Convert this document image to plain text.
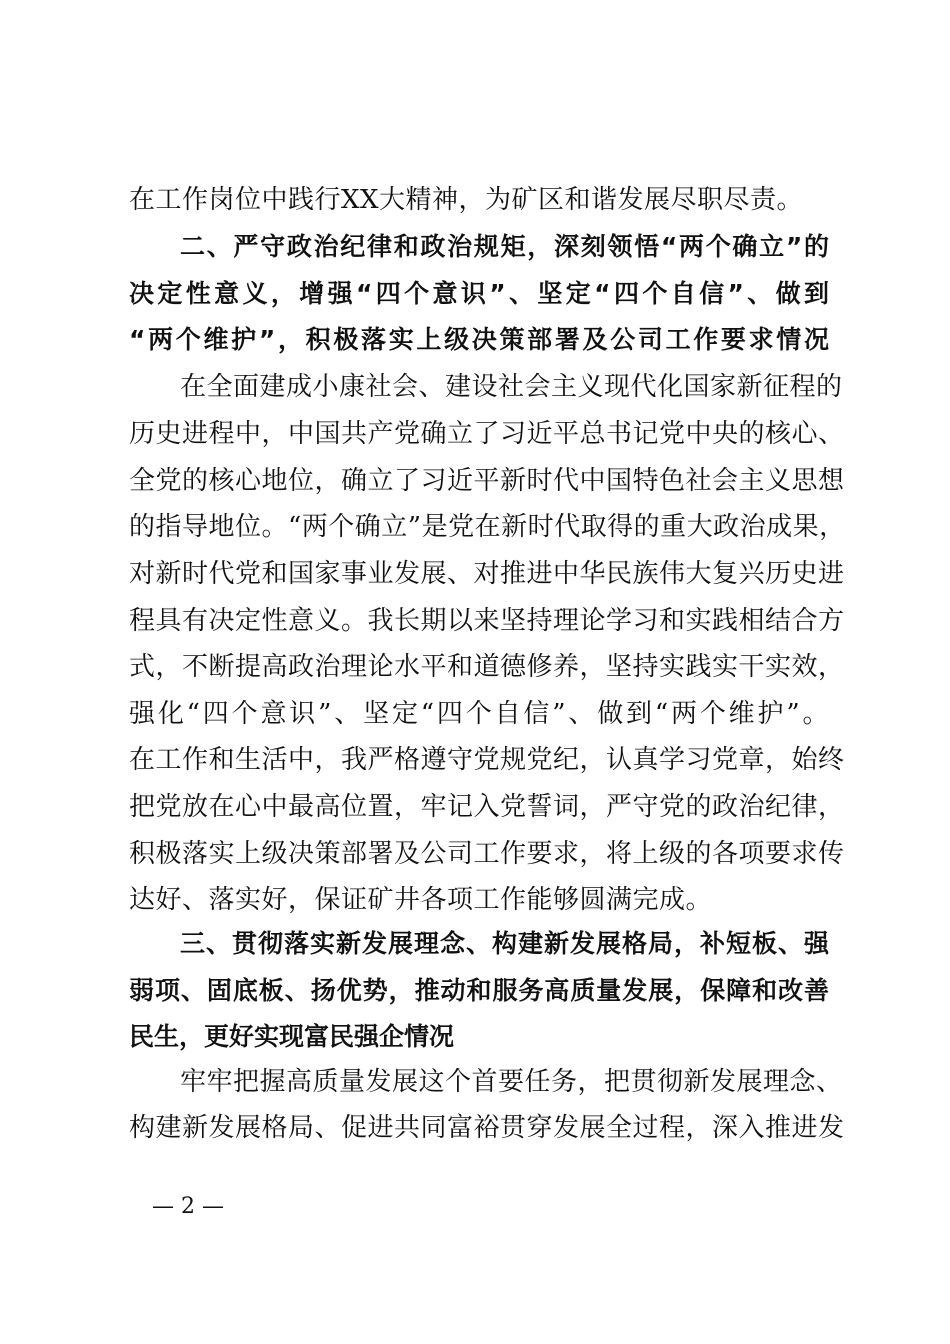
在工作岗位中践行XX大精神，为矿区和谐发展尽职尽责。
二、严守政治纪律和政治规矩，深刻领悟“两个确立”的
决定性意义，增强“四个意识”、坚定“四个自信”、做到
“两个维护”，积极落实上级决策部署及公司工作要求情况
在全面建成小康社会、建设社会主义现代化国家新征程的
历史进程中，中国共产党确立了习近平总书记党中央的核心、
全党的核心地位，确立了习近平新时代中国特色社会主义思想
的指导地位。“两个确立”是党在新时代取得的重大政治成果，
对新时代党和国家事业发展、对推进中华民族伟大复兴历史进
程具有决定性意义。我长期以来坚持理论学习和实践相结合方
式，不断提高政治理论水平和道德修养，坚持实践实干实效，
强化“四个意识”、坚定“四个自信”、做到“两个维护”。
在工作和生活中，我严格遵守党规党纪，认真学习党章，始终
把党放在心中最高位置，牢记入党誓词，严守党的政治纪律，
积极落实上级决策部署及公司工作要求，将上级的各项要求传
达好、落实好，保证矿井各项工作能够圆满完成。
三、贯彻落实新发展理念、构建新发展格局，补短板、强
弱项、固底板、扬优势，推动和服务高质量发展，保障和改善
民生，更好实现富民强企情况
牢牢把握高质量发展这个首要任务，把贯彻新发展理念、
构建新发展格局、促进共同富裕贯穿发展全过程，深入推进发
— 2 —
